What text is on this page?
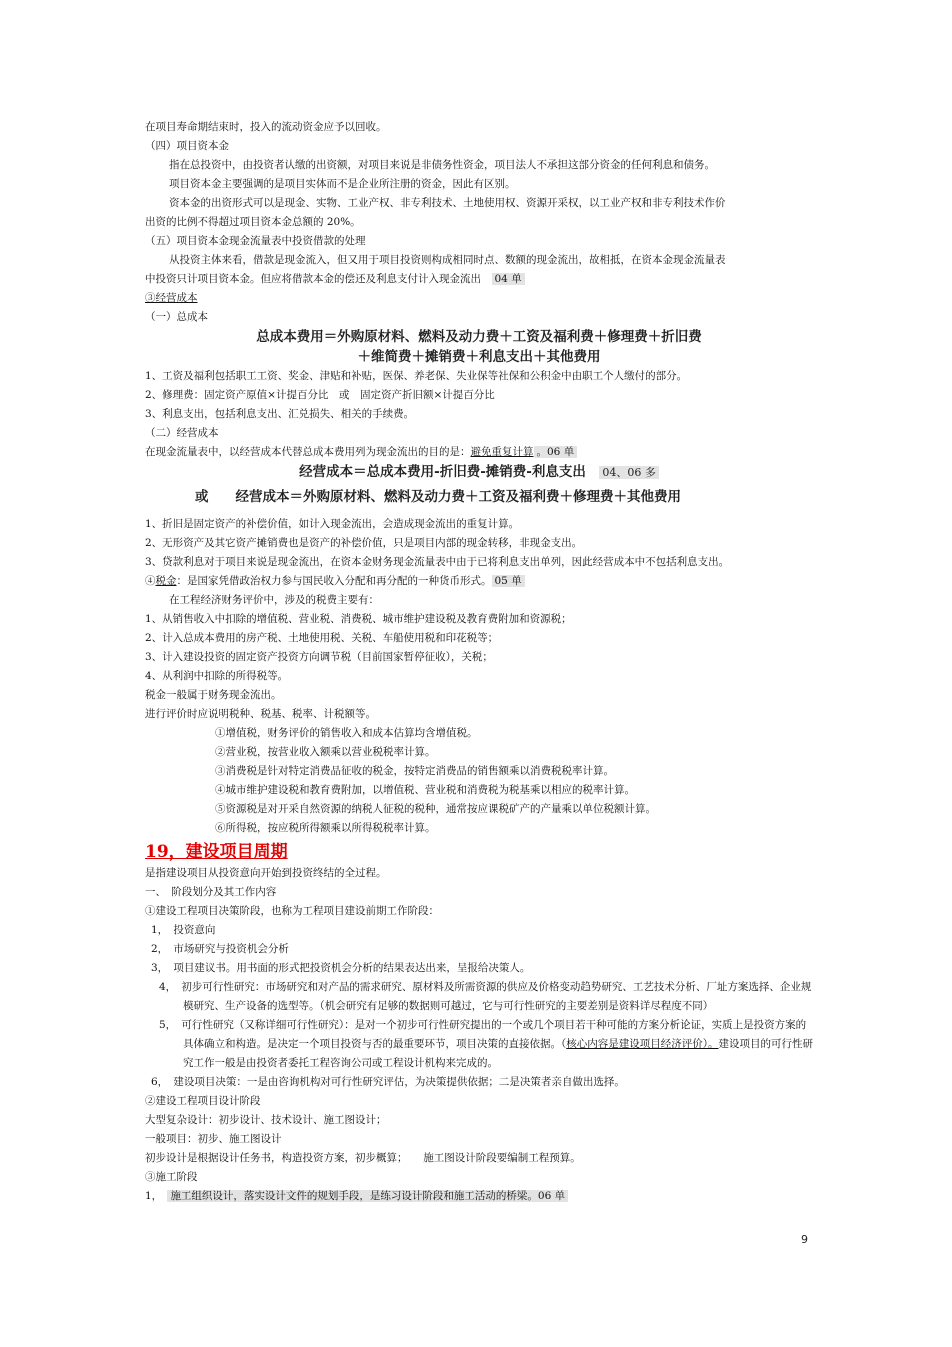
在项目寿命期结束时，投入的流动资金应予以回收。
（四）项目资本金
指在总投资中，由投资者认缴的出资额，对项目来说是非债务性资金，项目法人不承担这部分资金的任何利息和债务。
项目资本金主要强调的是项目实体而不是企业所注册的资金，因此有区别。
资本金的出资形式可以是现金、实物、工业产权、非专利技术、土地使用权、资源开采权，以工业产权和非专利技术作价
出资的比例不得超过项目资本金总额的 20%。
（五）项目资本金现金流量表中投资借款的处理
从投资主体来看，借款是现金流入，但又用于项目投资则构成相同时点、数额的现金流出，故相抵，在资本金现金流量表
中投资只计项目资本金。但应将借款本金的偿还及利息支付计入现金流出　 04 单
③经营成本
（一）总成本
总成本费用＝外购原材料、燃料及动力费＋工资及福利费＋修理费＋折旧费
＋维简费＋摊销费＋利息支出＋其他费用
1、工资及福利包括职工工资、奖金、津贴和补贴，医保、养老保、失业保等社保和公积金中由职工个人缴付的部分。
2、修理费：固定资产原值×计提百分比　或　固定资产折旧额×计提百分比
3、利息支出，包括利息支出、汇兑损失、相关的手续费。
（二）经营成本
在现金流量表中，以经营成本代替总成本费用列为现金流出的目的是：避免重复计算 。06 单
经营成本＝总成本费用-折旧费-摊销费-利息支出　 04、06 多
或　　经营成本＝外购原材料、燃料及动力费＋工资及福利费＋修理费＋其他费用
1、折旧是固定资产的补偿价值，如计入现金流出，会造成现金流出的重复计算。
2、无形资产及其它资产摊销费也是资产的补偿价值，只是项目内部的现金转移，非现金支出。
3、贷款利息对于项目来说是现金流出，在资本金财务现金流量表中由于已将利息支出单列，因此经营成本中不包括利息支出。
④税金：是国家凭借政治权力参与国民收入分配和再分配的一种货币形式。 05 单
在工程经济财务评价中，涉及的税费主要有：
1、从销售收入中扣除的增值税、营业税、消费税、城市维护建设税及教育费附加和资源税；
2、计入总成本费用的房产税、土地使用税、关税、车船使用税和印花税等；
3、计入建设投资的固定资产投资方向调节税（目前国家暂停征收），关税；
4、从利润中扣除的所得税等。
税金一般属于财务现金流出。
进行评价时应说明税种、税基、税率、计税额等。
①增值税，财务评价的销售收入和成本估算均含增值税。
②营业税，按营业收入额乘以营业税税率计算。
③消费税是针对特定消费品征收的税金，按特定消费品的销售额乘以消费税税率计算。
④城市维护建设税和教育费附加，以增值税、营业税和消费税为税基乘以相应的税率计算。
⑤资源税是对开采自然资源的纳税人征税的税种，通常按应课税矿产的产量乘以单位税额计算。
⑥所得税，按应税所得额乘以所得税税率计算。
19，建设项目周期
是指建设项目从投资意向开始到投资终结的全过程。
一、　阶段划分及其工作内容
①建设工程项目决策阶段，也称为工程项目建设前期工作阶段：
1，　投资意向
2，　市场研究与投资机会分析
3，　项目建议书。用书面的形式把投资机会分析的结果表达出来，呈报给决策人。
4，　初步可行性研究：市场研究和对产品的需求研究、原材料及所需资源的供应及价格变动趋势研究、工艺技术分析、厂址方案选择、企业规模研究、生产设备的选型等。（机会研究有足够的数据则可越过，它与可行性研究的主要差别是资料详尽程度不同）
5，　可行性研究（又称详细可行性研究）：是对一个初步可行性研究提出的一个或几个项目若干种可能的方案分析论证，实质上是投资方案的具体确立和构造。是决定一个项目投资与否的最重要环节，项目决策的直接依据。（核心内容是建设项目经济评价）。建设项目的可行性研究工作一般是由投资者委托工程咨询公司或工程设计机构来完成的。
6，　建设项目决策：一是由咨询机构对可行性研究评估，为决策提供依据；二是决策者亲自做出选择。
②建设工程项目设计阶段
大型复杂设计：初步设计、技术设计、施工图设计；
一般项目：初步、施工图设计
初步设计是根据设计任务书，构造投资方案，初步概算；　　施工图设计阶段要编制工程预算。
③施工阶段
1，　 施工组织设计，落实设计文件的规划手段，是练习设计阶段和施工活动的桥梁。06 单
9
